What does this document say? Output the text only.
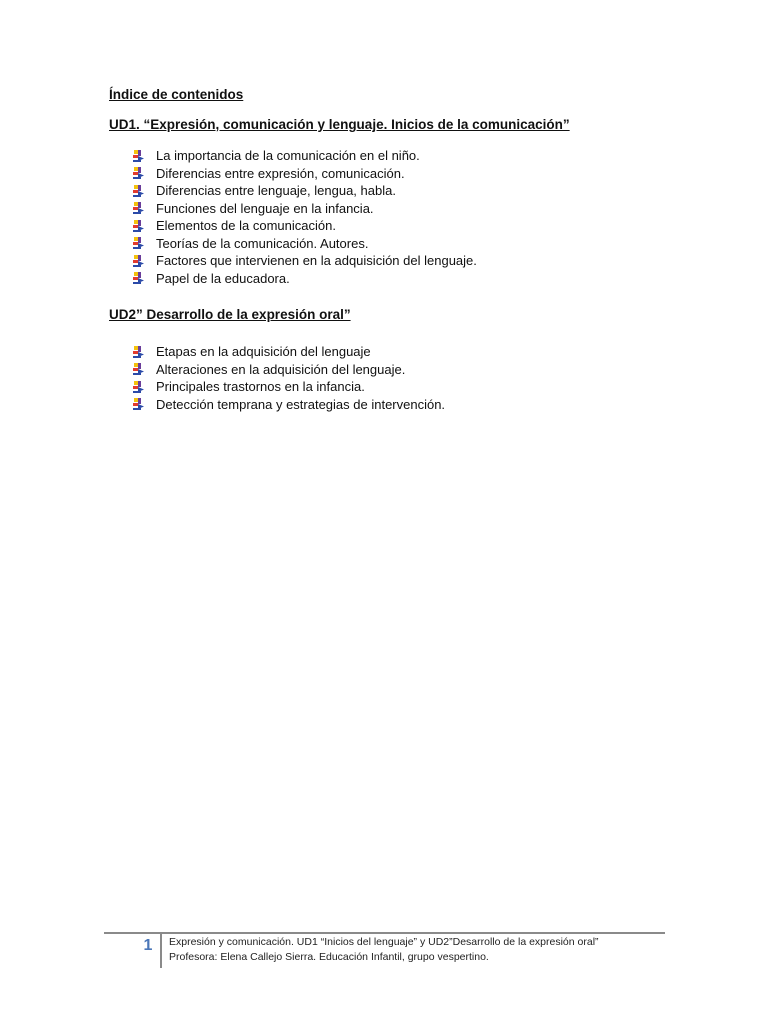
Índice de contenidos
UD1. “Expresión, comunicación y lenguaje. Inicios de la comunicación”
La importancia de la comunicación en el niño.
Diferencias entre expresión, comunicación.
Diferencias entre lenguaje, lengua, habla.
Funciones del lenguaje en la infancia.
Elementos de la comunicación.
Teorías de la comunicación. Autores.
Factores que intervienen en la adquisición del lenguaje.
Papel de la educadora.
UD2” Desarrollo de la expresión oral”
Etapas en la adquisición del lenguaje
Alteraciones en la adquisición del lenguaje.
Principales trastornos en la infancia.
Detección temprana y estrategias de intervención.
1	Expresión y comunicación. UD1 “Inicios del lenguaje” y UD2”Desarrollo de la expresión oral”
Profesora: Elena Callejo Sierra. Educación Infantil, grupo vespertino.
